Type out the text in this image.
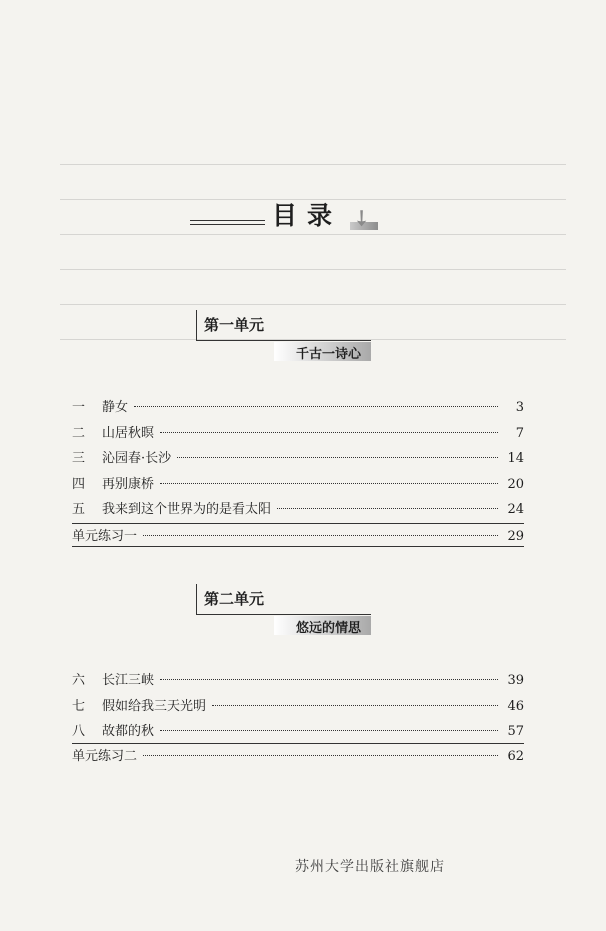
目录 ➘
第一单元
千古一诗心
一	静女	3
二	山居秋暝	7
三	沁园春·长沙	14
四	再别康桥	20
五	我来到这个世界为的是看太阳	24
单元练习一	29
第二单元
悠远的情思
六	长江三峡	39
七	假如给我三天光明	46
八	故都的秋	57
单元练习二	62
苏州大学出版社旗舰店
